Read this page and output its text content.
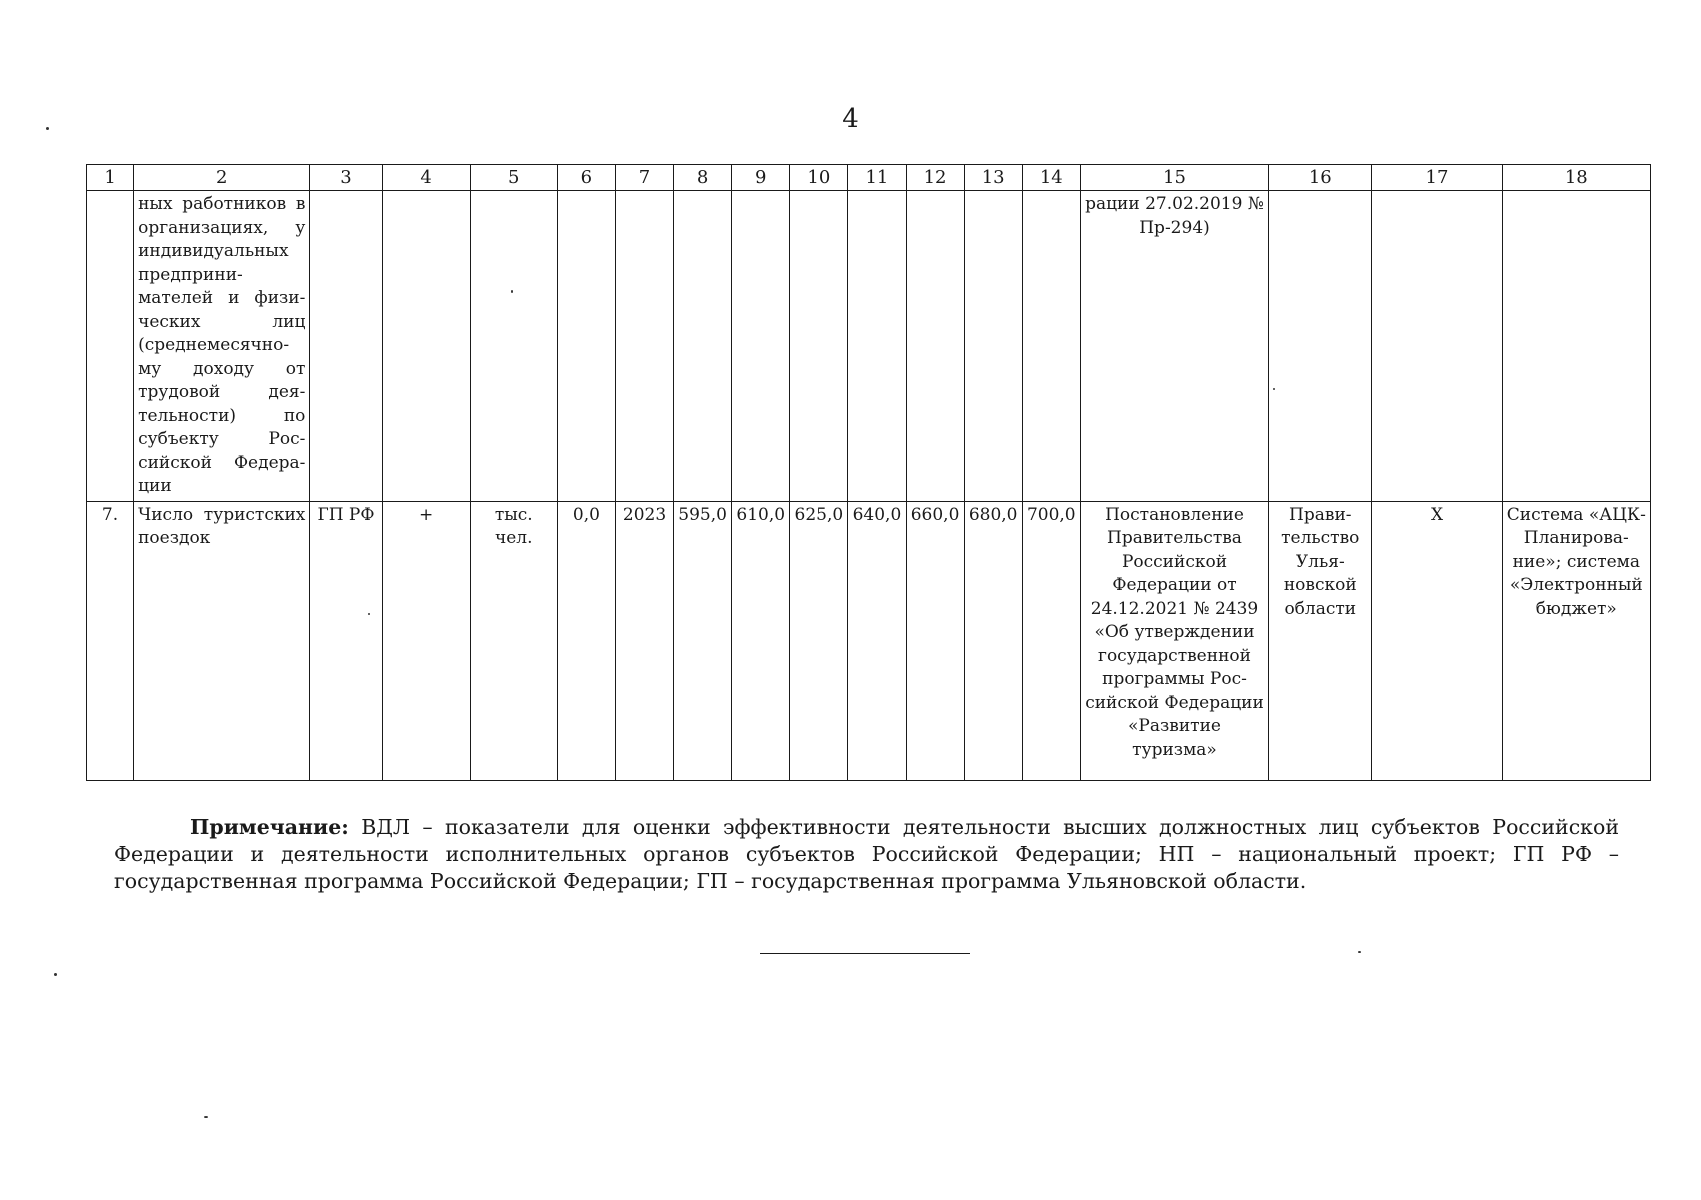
4
1	2	3	4	5	6	7	8	9	10	11	12	13	14	15	16	17	18
	ных работников в организациях, у индивидуальных предпринимателей и физических лиц (среднемесячному доходу от трудовой деятельности) по субъекту Российской Федерации													рации 27.02.2019 № Пр-294)			
7.	Число туристских поездок	ГП РФ	+	тыс. чел.	0,0	2023	595,0	610,0	625,0	640,0	660,0	680,0	700,0	Постановление Правительства Российской Федерации от 24.12.2021 № 2439 «Об утверждении государственной программы Российской Федерации «Развитие туризма»	Правительство Ульяновской области	X	Система «АЦК-Планирование»; система «Электронный бюджет»
Примечание: ВДЛ – показатели для оценки эффективности деятельности высших должностных лиц субъектов Российской Федерации и деятельности исполнительных органов субъектов Российской Федерации; НП – национальный проект; ГП РФ – государственная программа Российской Федерации; ГП – государственная программа Ульяновской области.
